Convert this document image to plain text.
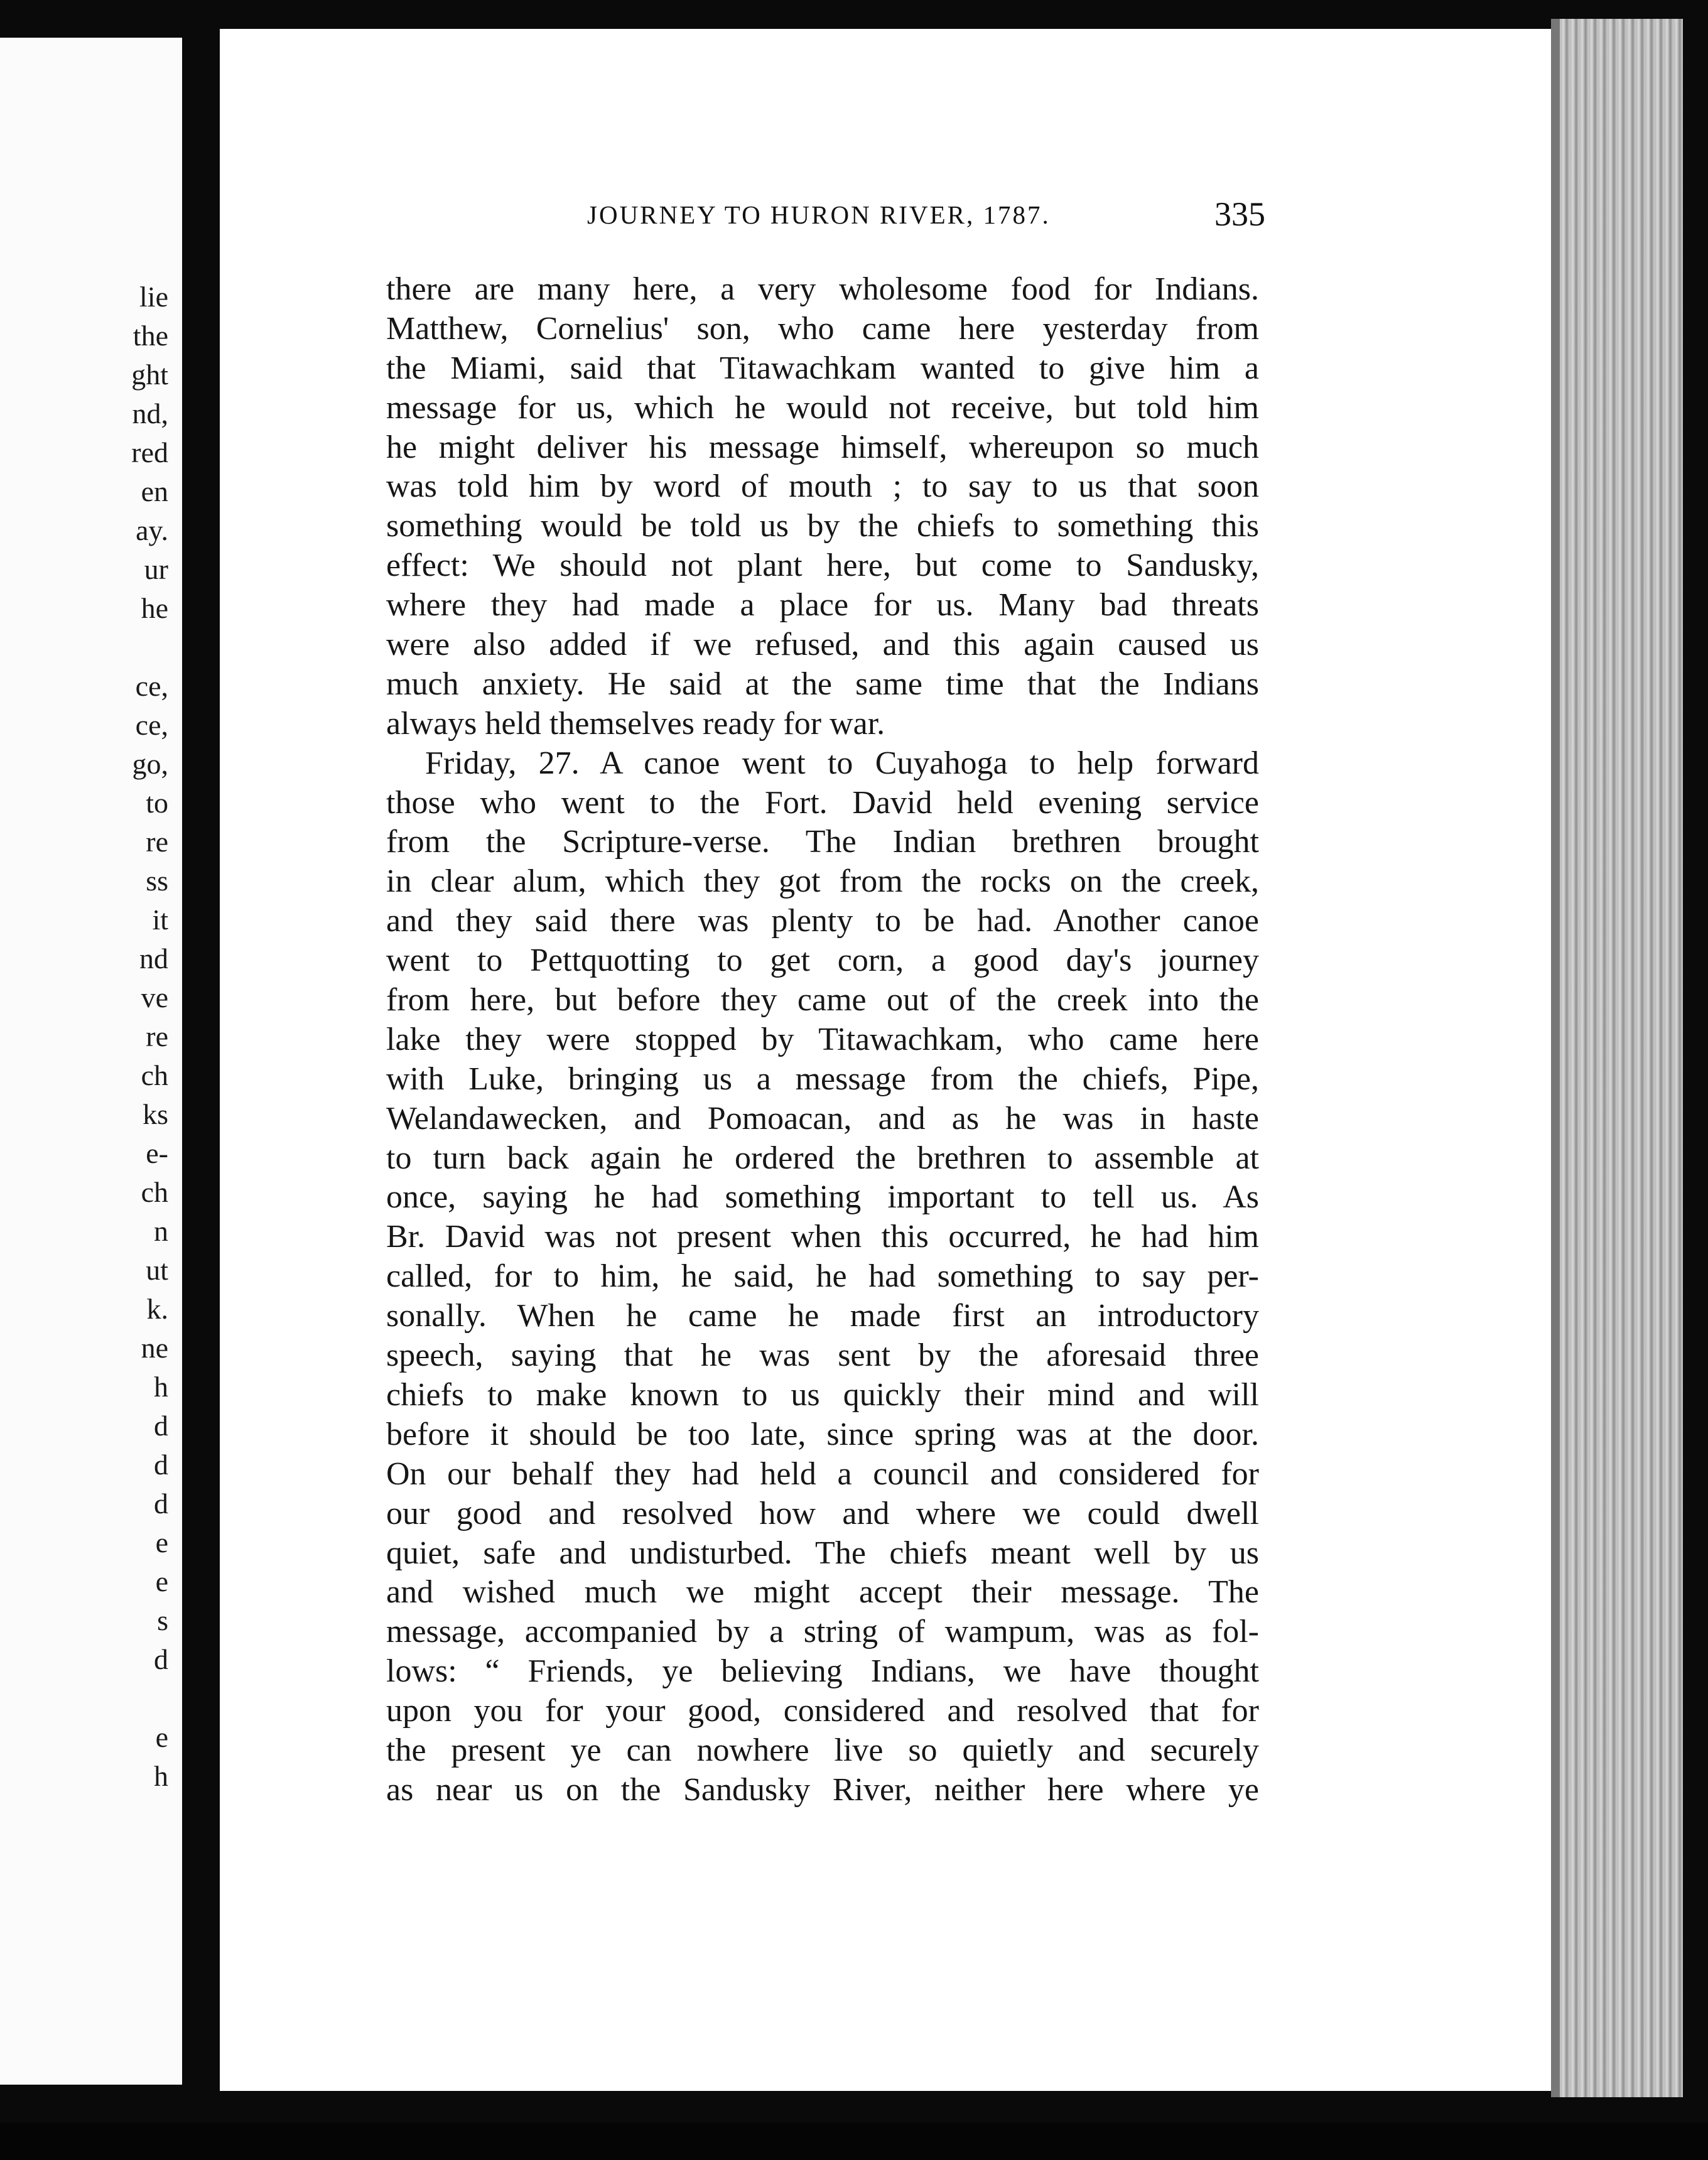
lie
the
ght
nd,
red
en
ay.
ur
he
ce,
ce,
go,
to
re
ss
it
nd
ve
re
ch
ks
e-
ch
n
ut
k.
ne
h
d
d
d
e
e
s
d
e
h
JOURNEY TO HURON RIVER, 1787.	335
there are many here, a very wholesome food for Indians.
Matthew, Cornelius' son, who came here yesterday from
the Miami, said that Titawachkam wanted to give him a
message for us, which he would not receive, but told him
he might deliver his message himself, whereupon so much
was told him by word of mouth ; to say to us that soon
something would be told us by the chiefs to something this
effect: We should not plant here, but come to Sandusky,
where they had made a place for us. Many bad threats
were also added if we refused, and this again caused us
much anxiety. He said at the same time that the Indians
always held themselves ready for war.
Friday, 27. A canoe went to Cuyahoga to help forward
those who went to the Fort. David held evening service
from the Scripture-verse. The Indian brethren brought
in clear alum, which they got from the rocks on the creek,
and they said there was plenty to be had. Another canoe
went to Pettquotting to get corn, a good day's journey
from here, but before they came out of the creek into the
lake they were stopped by Titawachkam, who came here
with Luke, bringing us a message from the chiefs, Pipe,
Welandawecken, and Pomoacan, and as he was in haste
to turn back again he ordered the brethren to assemble at
once, saying he had something important to tell us. As
Br. David was not present when this occurred, he had him
called, for to him, he said, he had something to say per-
sonally. When he came he made first an introductory
speech, saying that he was sent by the aforesaid three
chiefs to make known to us quickly their mind and will
before it should be too late, since spring was at the door.
On our behalf they had held a council and considered for
our good and resolved how and where we could dwell
quiet, safe and undisturbed. The chiefs meant well by us
and wished much we might accept their message. The
message, accompanied by a string of wampum, was as fol-
lows: “ Friends, ye believing Indians, we have thought
upon you for your good, considered and resolved that for
the present ye can nowhere live so quietly and securely
as near us on the Sandusky River, neither here where ye
